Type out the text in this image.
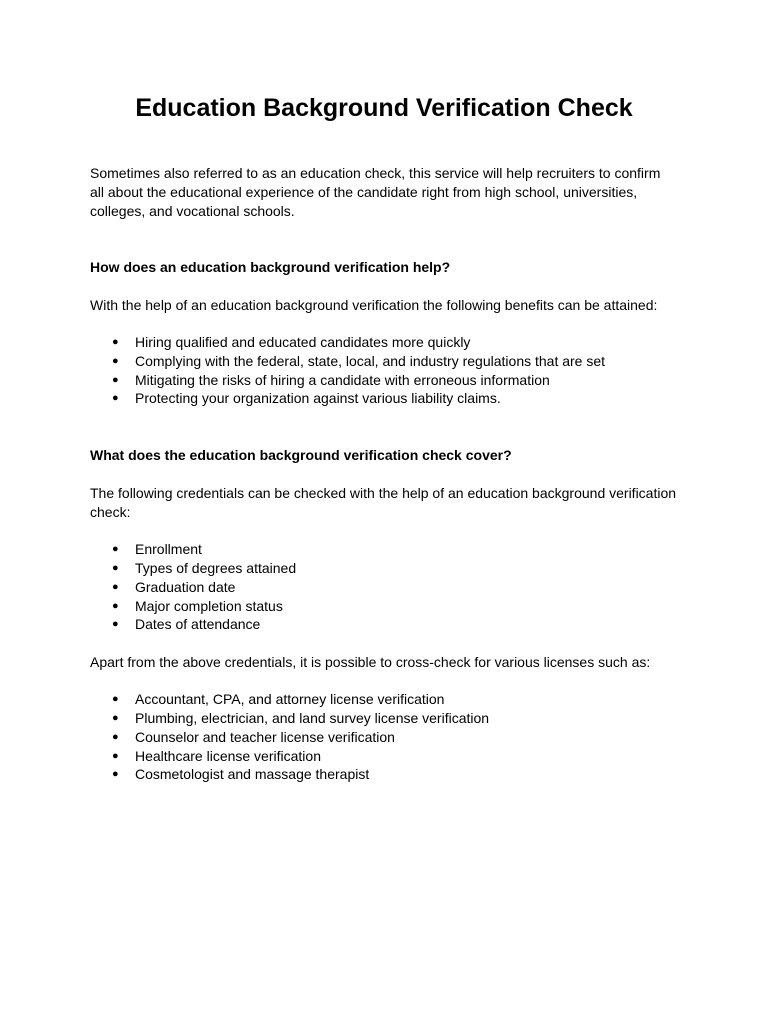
Education Background Verification Check

Sometimes also referred to as an education check, this service will help recruiters to confirm all about the educational experience of the candidate right from high school, universities, colleges, and vocational schools.

How does an education background verification help?

With the help of an education background verification the following benefits can be attained:

● Hiring qualified and educated candidates more quickly
● Complying with the federal, state, local, and industry regulations that are set
● Mitigating the risks of hiring a candidate with erroneous information
● Protecting your organization against various liability claims.
What does the education background verification check cover?

The following credentials can be checked with the help of an education background verification check:

● Enrollment
● Types of degrees attained
● Graduation date
● Major completion status
● Dates of attendance

Apart from the above credentials, it is possible to cross-check for various licenses such as:

● Accountant, CPA, and attorney license verification
● Plumbing, electrician, and land survey license verification
● Counselor and teacher license verification
● Healthcare license verification
● Cosmetologist and massage therapist
